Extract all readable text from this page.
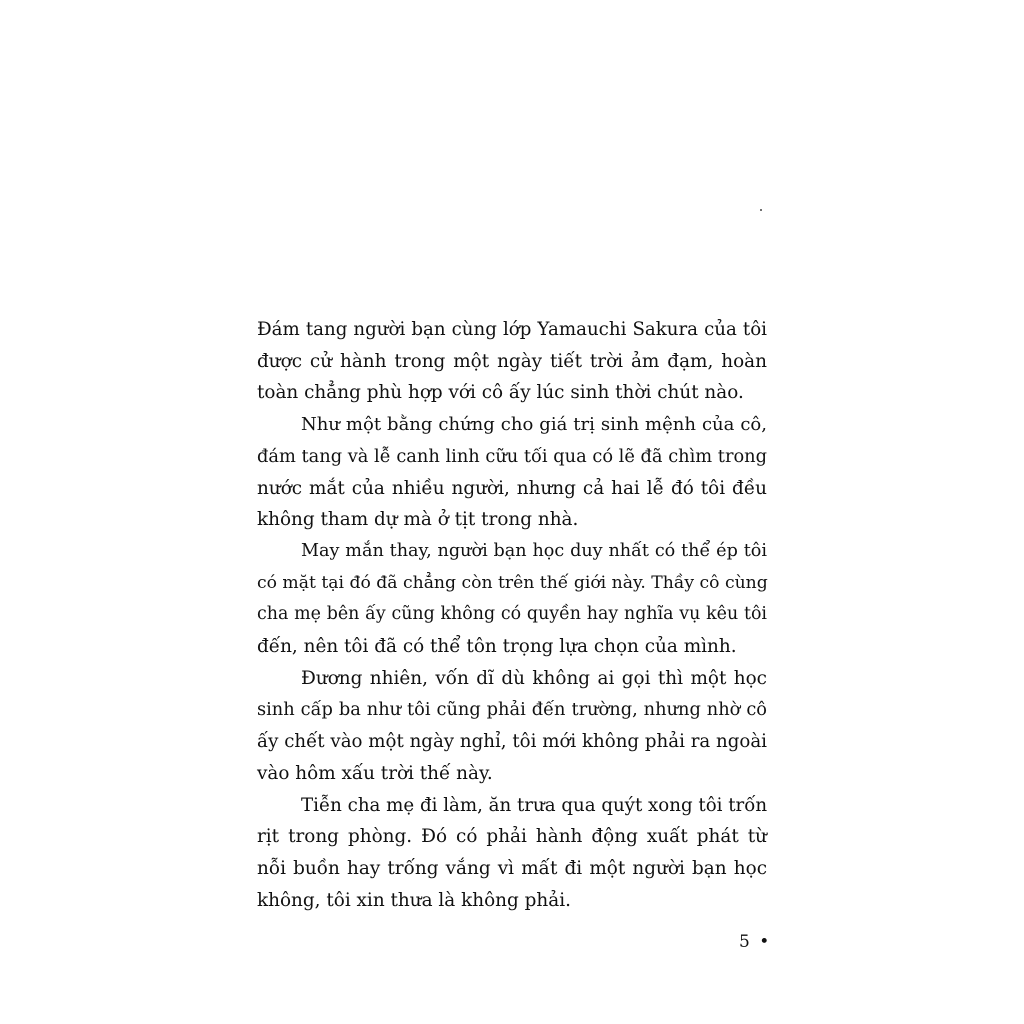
Đám tang người bạn cùng lớp Yamauchi Sakura của tôi
được cử hành trong một ngày tiết trời ảm đạm, hoàn
toàn chẳng phù hợp với cô ấy lúc sinh thời chút nào.
Như một bằng chứng cho giá trị sinh mệnh của cô,
đám tang và lễ canh linh cữu tối qua có lẽ đã chìm trong
nước mắt của nhiều người, nhưng cả hai lễ đó tôi đều
không tham dự mà ở tịt trong nhà.
May mắn thay, người bạn học duy nhất có thể ép tôi
có mặt tại đó đã chẳng còn trên thế giới này. Thầy cô cùng
cha mẹ bên ấy cũng không có quyền hay nghĩa vụ kêu tôi
đến, nên tôi đã có thể tôn trọng lựa chọn của mình.
Đương nhiên, vốn dĩ dù không ai gọi thì một học
sinh cấp ba như tôi cũng phải đến trường, nhưng nhờ cô
ấy chết vào một ngày nghỉ, tôi mới không phải ra ngoài
vào hôm xấu trời thế này.
Tiễn cha mẹ đi làm, ăn trưa qua quýt xong tôi trốn
rịt trong phòng. Đó có phải hành động xuất phát từ
nỗi buồn hay trống vắng vì mất đi một người bạn học
không, tôi xin thưa là không phải.
5 •
